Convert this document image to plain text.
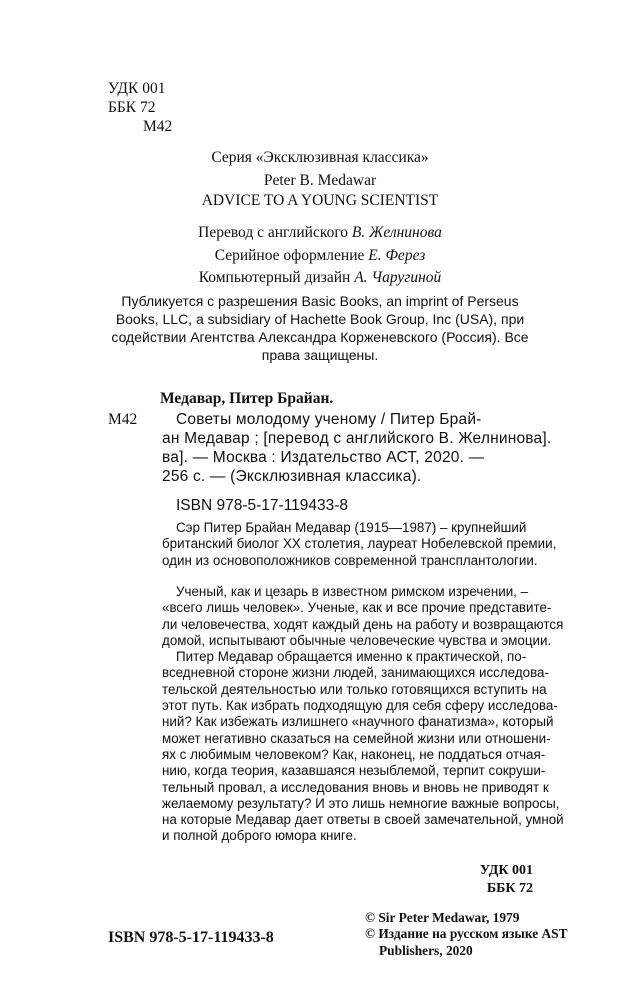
УДК 001
ББК 72
М42
Серия «Эксклюзивная классика»
Peter B. Medawar
ADVICE TO A YOUNG SCIENTIST
Перевод с английского В. Желнинова
Серийное оформление Е. Ферез
Компьютерный дизайн А. Чаругиной
Публикуется с разрешения Basic Books, an imprint of Perseus
Books, LLC, a subsidiary of Hachette Book Group, Inc (USA), при
содействии Агентства Александра Корженевского (Россия). Все
права защищены.
Медавар, Питер Брайан.
М42	Советы молодому ученому / Питер Брай-
ан Медавар ; [перевод с английского В. Желнинова].
ва]. — Москва : Издательство АСТ, 2020. —
256 с. — (Эксклюзивная классика).
ISBN 978-5-17-119433-8
Сэр Питер Брайан Медавар (1915—1987) – крупнейший
британский биолог XX столетия, лауреат Нобелевской премии,
один из основоположников современной трансплантологии.
Ученый, как и цезарь в известном римском изречении, –
«всего лишь человек». Ученые, как и все прочие представите-
ли человечества, ходят каждый день на работу и возвращаются
домой, испытывают обычные человеческие чувства и эмоции.
Питер Медавар обращается именно к практической, по-
вседневной стороне жизни людей, занимающихся исследова-
тельской деятельностью или только готовящихся вступить на
этот путь. Как избрать подходящую для себя сферу исследова-
ний? Как избежать излишнего «научного фанатизма», который
может негативно сказаться на семейной жизни или отношени-
ях с любимым человеком? Как, наконец, не поддаться отчая-
нию, когда теория, казавшаяся незыблемой, терпит сокруши-
тельный провал, а исследования вновь и вновь не приводят к
желаемому результату? И это лишь немногие важные вопросы,
на которые Медавар дает ответы в своей замечательной, умной
и полной доброго юмора книге.
УДК 001
ББК 72
ISBN 978-5-17-119433-8
© Sir Peter Medawar, 1979
© Издание на русском языке AST
Publishers, 2020
